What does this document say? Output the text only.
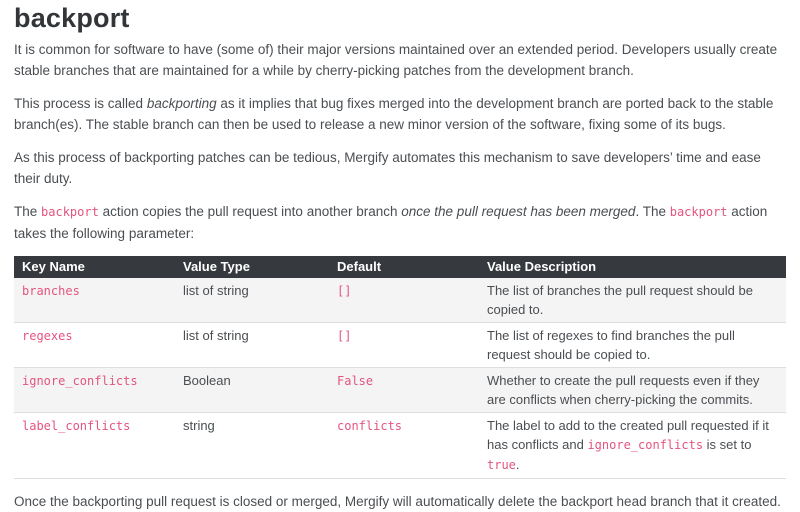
backport

It is common for software to have (some of) their major versions maintained over an extended period. Developers usually create stable branches that are maintained for a while by cherry-picking patches from the development branch.

This process is called backporting as it implies that bug fixes merged into the development branch are ported back to the stable branch(es). The stable branch can then be used to release a new minor version of the software, fixing some of its bugs.

As this process of backporting patches can be tedious, Mergify automates this mechanism to save developers’ time and ease their duty.

The backport action copies the pull request into another branch once the pull request has been merged. The backport action takes the following parameter:

Key Name	Value Type	Default	Value Description
branches	list of string	[]	The list of branches the pull request should be copied to.
regexes	list of string	[]	The list of regexes to find branches the pull request should be copied to.
ignore_conflicts	Boolean	False	Whether to create the pull requests even if they are conflicts when cherry-picking the commits.
label_conflicts	string	conflicts	The label to add to the created pull requested if it has conflicts and ignore_conflicts is set to true.

Once the backporting pull request is closed or merged, Mergify will automatically delete the backport head branch that it created.
